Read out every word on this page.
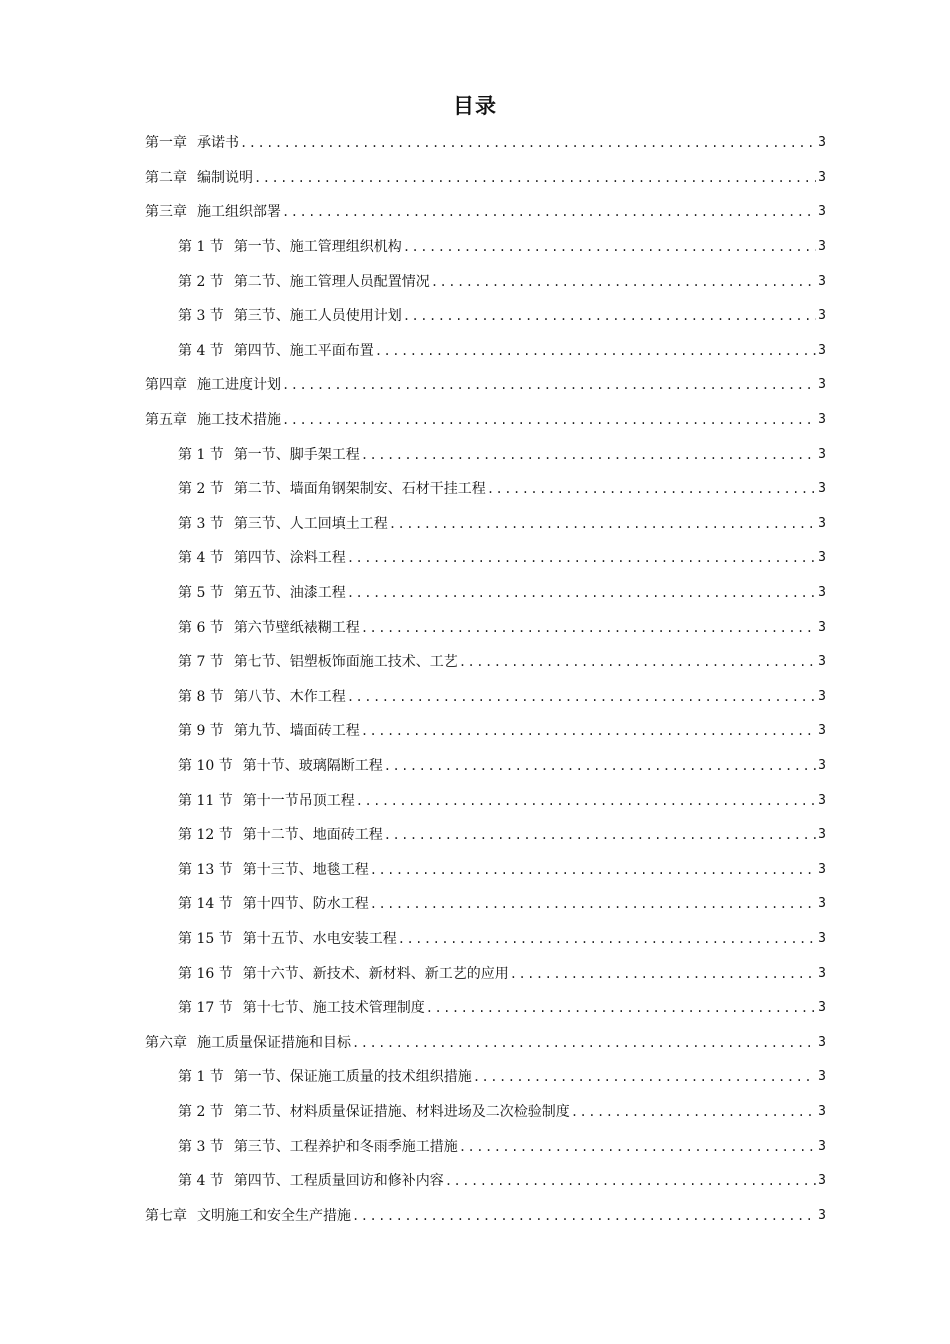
目录
第一章 承诺书 .....	3
第二章 编制说明 .....	3
第三章 施工组织部署 .....	3
第 1 节 第一节、施工管理组织机构 .....	3
第 2 节 第二节、施工管理人员配置情况 .....	3
第 3 节 第三节、施工人员使用计划 .....	3
第 4 节 第四节、施工平面布置 .....	3
第四章 施工进度计划 .....	3
第五章 施工技术措施 .....	3
第 1 节 第一节、脚手架工程 .....	3
第 2 节 第二节、墙面角钢架制安、石材干挂工程 .....	3
第 3 节 第三节、人工回填土工程 .....	3
第 4 节 第四节、涂料工程 .....	3
第 5 节 第五节、油漆工程 .....	3
第 6 节 第六节壁纸裱糊工程 .....	3
第 7 节 第七节、铝塑板饰面施工技术、工艺 .....	3
第 8 节 第八节、木作工程 .....	3
第 9 节 第九节、墙面砖工程 .....	3
第 10 节 第十节、玻璃隔断工程 .....	3
第 11 节 第十一节吊顶工程 .....	3
第 12 节 第十二节、地面砖工程 .....	3
第 13 节 第十三节、地毯工程 .....	3
第 14 节 第十四节、防水工程 .....	3
第 15 节 第十五节、水电安装工程 .....	3
第 16 节 第十六节、新技术、新材料、新工艺的应用 .....	3
第 17 节 第十七节、施工技术管理制度 .....	3
第六章 施工质量保证措施和目标 .....	3
第 1 节 第一节、保证施工质量的技术组织措施 .....	3
第 2 节 第二节、材料质量保证措施、材料进场及二次检验制度 .....	3
第 3 节 第三节、工程养护和冬雨季施工措施 .....	3
第 4 节 第四节、工程质量回访和修补内容 .....	3
第七章 文明施工和安全生产措施 .....	3
